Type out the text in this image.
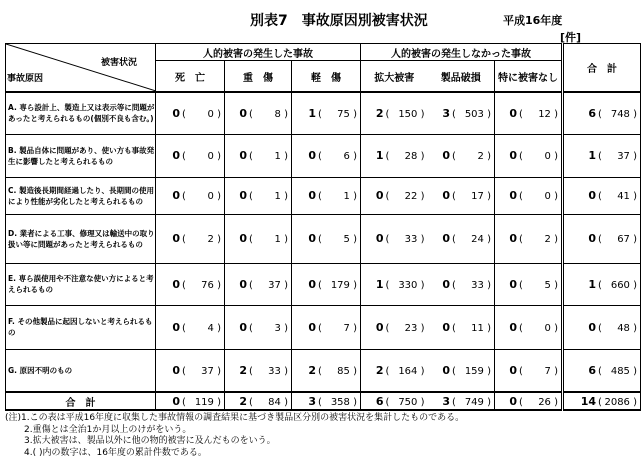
別表7　事故原因別被害状況	平成16年度
[件]
被害状況
事故原因	人的被害の発生した事故			人的被害の発生しなかった事故			合　計
	死　亡	重　傷	軽　傷	拡大被害	製品破損	特に被害なし	
A. 専ら設計上、製造上又は表示等に問題があったと考えられるもの(個別不良も含む。)	0 ( 0 )	0 ( 8 )	1 ( 75 )	2 ( 150 )	3 ( 503 )	0 ( 12 )	6 ( 748 )
B. 製品自体に問題があり、使い方も事故発生に影響したと考えられるもの	0 ( 0 )	0 ( 1 )	0 ( 6 )	1 ( 28 )	0 ( 2 )	0 ( 0 )	1 ( 37 )
C. 製造後長期間経過したり、長期間の使用により性能が劣化したと考えられるもの	0 ( 0 )	0 ( 1 )	0 ( 1 )	0 ( 22 )	0 ( 17 )	0 ( 0 )	0 ( 41 )
D. 業者による工事、修理又は輸送中の取り扱い等に問題があったと考えられるもの	0 ( 2 )	0 ( 1 )	0 ( 5 )	0 ( 33 )	0 ( 24 )	0 ( 2 )	0 ( 67 )
E. 専ら誤使用や不注意な使い方によると考えられるもの	0 ( 76 )	0 ( 37 )	0 ( 179 )	1 ( 330 )	0 ( 33 )	0 ( 5 )	1 ( 660 )
F. その他製品に起因しないと考えられるもの	0 ( 4 )	0 ( 3 )	0 ( 7 )	0 ( 23 )	0 ( 11 )	0 ( 0 )	0 ( 48 )
G. 原因不明のもの	0 ( 37 )	2 ( 33 )	2 ( 85 )	2 ( 164 )	0 ( 159 )	0 ( 7 )	6 ( 485 )
合　計	0 ( 119 )	2 ( 84 )	3 ( 358 )	6 ( 750 )	3 ( 749 )	0 ( 26 )	14 ( 2086 )
(注)1.この表は平成16年度に収集した事故情報の調査結果に基づき製品区分別の被害状況を集計したものである。
2.重傷とは全治1か月以上のけがをいう。
3.拡大被害は、製品以外に他の物的被害に及んだものをいう。
4.( )内の数字は、16年度の累計件数である。
